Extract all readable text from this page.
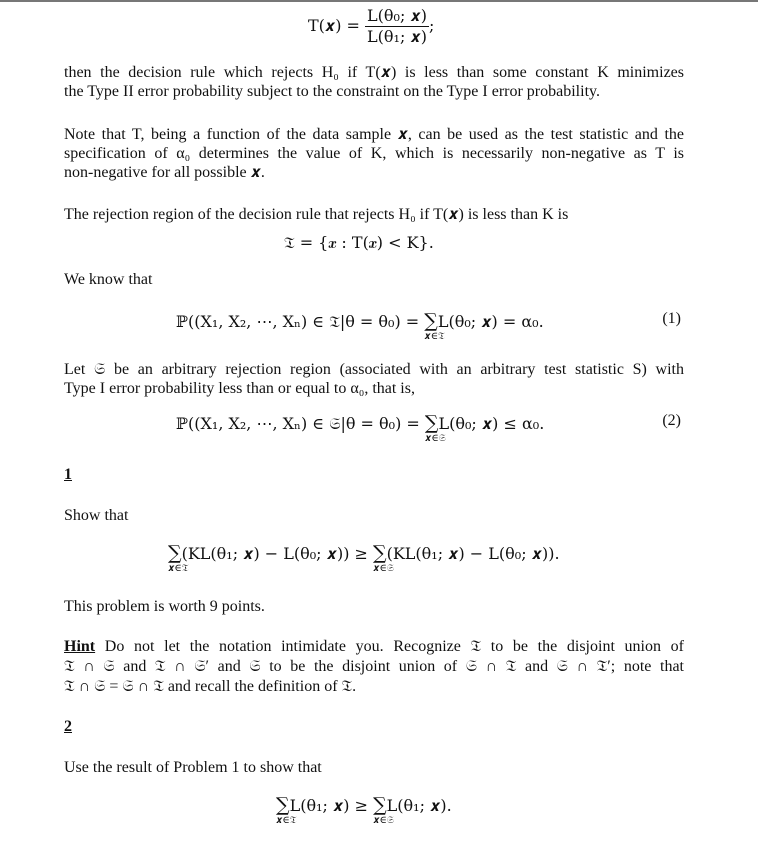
T(𝒙) = $\frac{\text{L(θ₀; 𝒙)}}{\text{L(θ₁; 𝒙)}}$ ;

then the decision rule which rejects H₀ if T(𝒙) is less than some constant K minimizes

the Type II error probability subject to the constraint on the Type I error probability.

Note that T, being a function of the data sample 𝒙, can be used as the test statistic and the

specification of α₀ determines the value of K, which is necessarily non-negative as T is

non-negative for all possible 𝒙.

The rejection region of the decision rule that rejects H₀ if T(𝒙) is less than K is

𝔗 = {𝒙 : T(𝒙) < K}.

We know that

ℙ((X₁, X₂, ⋯, Xₙ) ∈ 𝔗|θ = θ₀) = ∑
𝒙∈𝔗
L(θ₀; 𝒙) = α₀.	(1)

Let 𝔖 be an arbitrary rejection region (associated with an arbitrary test statistic S) with

Type I error probability less than or equal to α₀, that is,

ℙ((X₁, X₂, ⋯, Xₙ) ∈ 𝔖|θ = θ₀) = ∑
𝒙∈𝔖
L(θ₀; 𝒙) ≤ α₀.	(2)
1

Show that

∑
𝒙∈𝔗
(KL(θ₁; 𝒙) − L(θ₀; 𝒙)) ≥ ∑
𝒙∈𝔖
(KL(θ₁; 𝒙) − L(θ₀; 𝒙)).

This problem is worth 9 points.

Hint Do not let the notation intimidate you. Recognize 𝔗 to be the disjoint union of

𝔗 ∩ 𝔖 and 𝔗 ∩ 𝔖′ and 𝔖 to be the disjoint union of 𝔖 ∩ 𝔗 and 𝔖 ∩ 𝔗′; note that

𝔗 ∩ 𝔖 = 𝔖 ∩ 𝔗 and recall the definition of 𝔗.

2

Use the result of Problem 1 to show that

∑
𝒙∈𝔗
L(θ₁; 𝒙) ≥ ∑
𝒙∈𝔖
L(θ₁; 𝒙).
